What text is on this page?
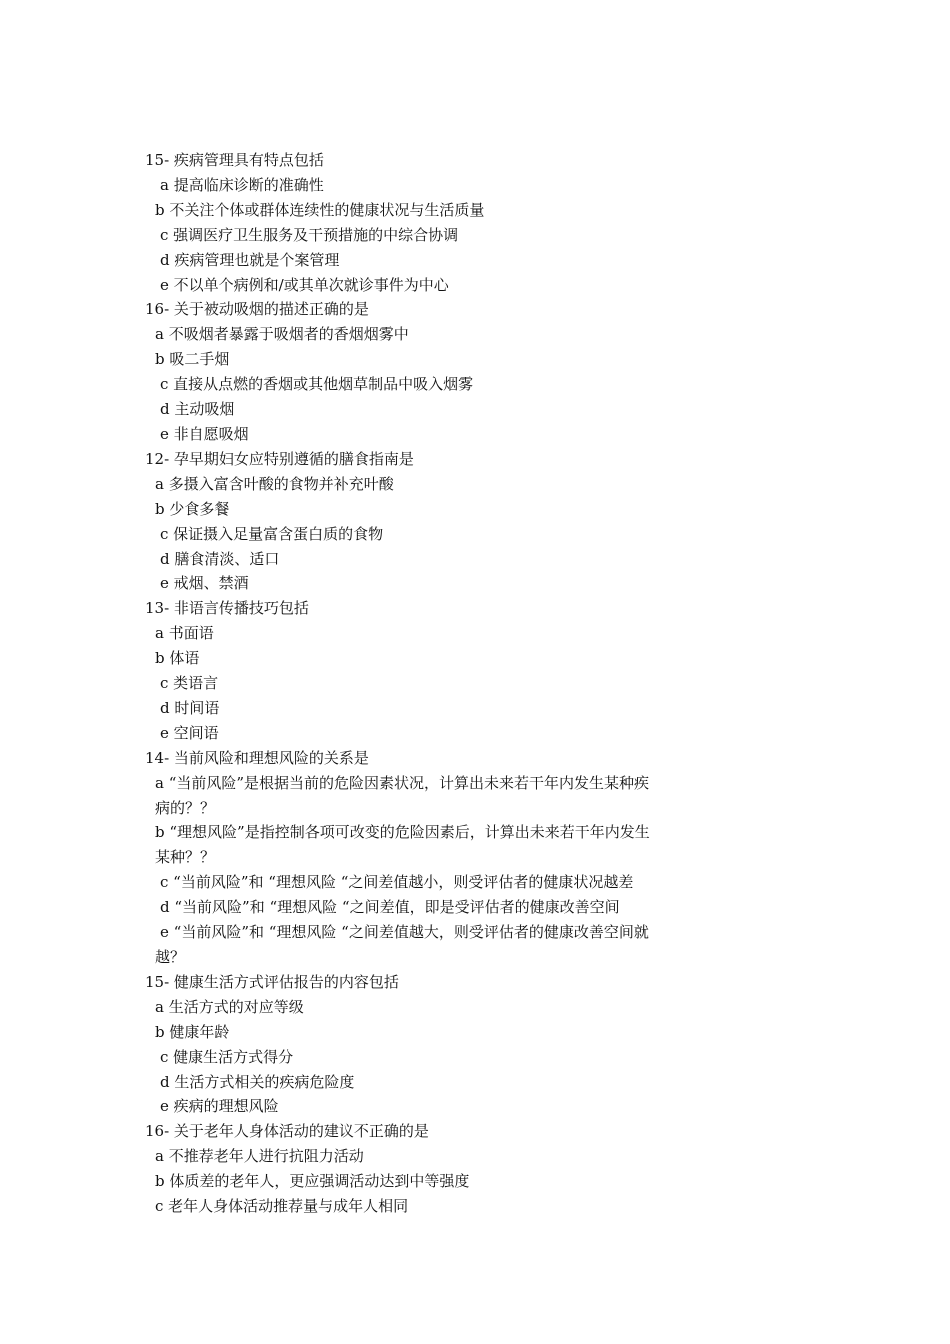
15- 疾病管理具有特点包括
a 提高临床诊断的准确性
b 不关注个体或群体连续性的健康状况与生活质量
c 强调医疗卫生服务及干预措施的中综合协调
d 疾病管理也就是个案管理
e 不以单个病例和/或其单次就诊事件为中心
16- 关于被动吸烟的描述正确的是
a 不吸烟者暴露于吸烟者的香烟烟雾中
b 吸二手烟
c 直接从点燃的香烟或其他烟草制品中吸入烟雾
d 主动吸烟
e 非自愿吸烟
12- 孕早期妇女应特别遵循的膳食指南是
a 多摄入富含叶酸的食物并补充叶酸
b 少食多餐
c 保证摄入足量富含蛋白质的食物
d 膳食清淡、适口
e 戒烟、禁酒
13- 非语言传播技巧包括
a 书面语
b 体语
c 类语言
d 时间语
e 空间语
14- 当前风险和理想风险的关系是
a “当前风险”是根据当前的危险因素状况，计算出未来若干年内发生某种疾
病的？？
b “理想风险”是指控制各项可改变的危险因素后，计算出未来若干年内发生
某种？？
c “当前风险”和 “理想风险 “之间差值越小，则受评估者的健康状况越差
d “当前风险”和 “理想风险 “之间差值，即是受评估者的健康改善空间
e “当前风险”和 “理想风险 “之间差值越大，则受评估者的健康改善空间就
越？
15- 健康生活方式评估报告的内容包括
a 生活方式的对应等级
b 健康年龄
c 健康生活方式得分
d 生活方式相关的疾病危险度
e 疾病的理想风险
16- 关于老年人身体活动的建议不正确的是
a 不推荐老年人进行抗阻力活动
b 体质差的老年人，更应强调活动达到中等强度
c 老年人身体活动推荐量与成年人相同
